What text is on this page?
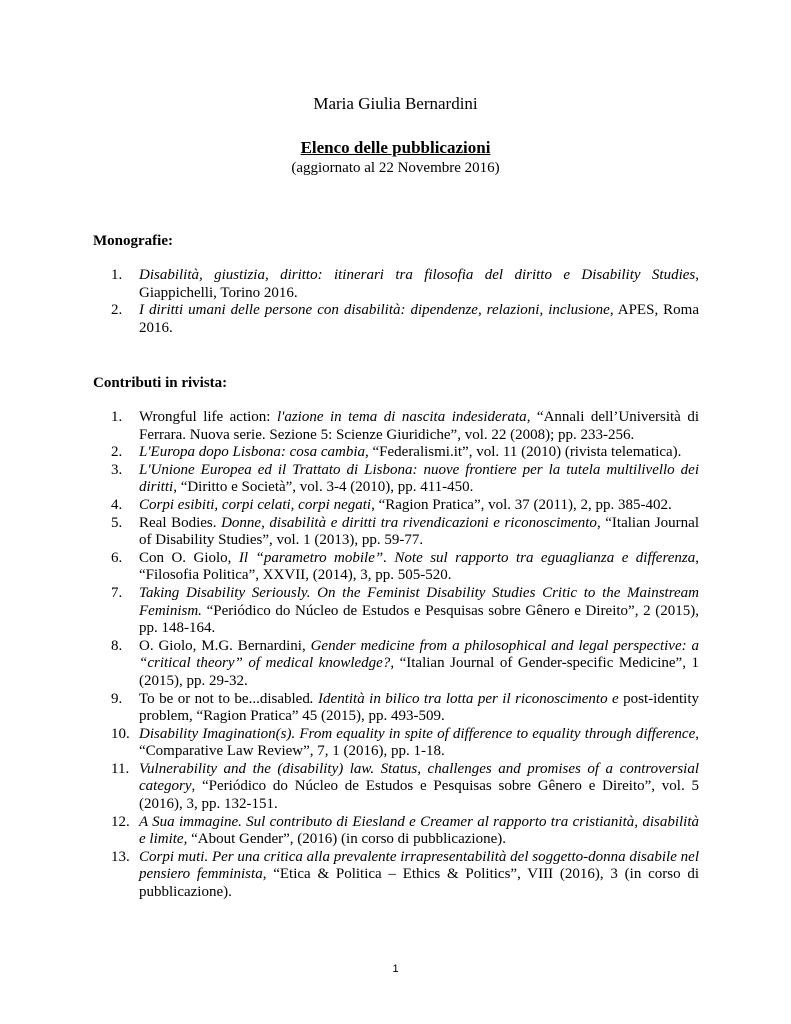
Maria Giulia Bernardini
Elenco delle pubblicazioni
(aggiornato al 22 Novembre 2016)
Monografie:
1.	Disabilità, giustizia, diritto: itinerari tra filosofia del diritto e Disability Studies, Giappichelli, Torino 2016.
2.	I diritti umani delle persone con disabilità: dipendenze, relazioni, inclusione, APES, Roma 2016.
Contributi in rivista:
1.	Wrongful life action: l'azione in tema di nascita indesiderata, “Annali dell’Università di Ferrara. Nuova serie. Sezione 5: Scienze Giuridiche”, vol. 22 (2008); pp. 233-256.
2.	L'Europa dopo Lisbona: cosa cambia, “Federalismi.it”, vol. 11 (2010) (rivista telematica).
3.	L'Unione Europea ed il Trattato di Lisbona: nuove frontiere per la tutela multilivello dei diritti, “Diritto e Società”, vol. 3-4 (2010), pp. 411-450.
4.	Corpi esibiti, corpi celati, corpi negati, “Ragion Pratica”, vol. 37 (2011), 2, pp. 385-402.
5.	Real Bodies. Donne, disabilità e diritti tra rivendicazioni e riconoscimento, “Italian Journal of Disability Studies”, vol. 1 (2013), pp. 59-77.
6.	Con O. Giolo, Il “parametro mobile”. Note sul rapporto tra eguaglianza e differenza, “Filosofia Politica”, XXVII, (2014), 3, pp. 505-520.
7.	Taking Disability Seriously. On the Feminist Disability Studies Critic to the Mainstream Feminism. “Periódico do Núcleo de Estudos e Pesquisas sobre Gênero e Direito”, 2 (2015), pp. 148-164.
8.	O. Giolo, M.G. Bernardini, Gender medicine from a philosophical and legal perspective: a “critical theory” of medical knowledge?, “Italian Journal of Gender-specific Medicine”, 1 (2015), pp. 29-32.
9.	To be or not to be...disabled. Identità in bilico tra lotta per il riconoscimento e post-identity problem, “Ragion Pratica” 45 (2015), pp. 493-509.
10. Disability Imagination(s). From equality in spite of difference to equality through difference, “Comparative Law Review”, 7, 1 (2016), pp. 1-18.
11. Vulnerability and the (disability) law. Status, challenges and promises of a controversial category, “Periódico do Núcleo de Estudos e Pesquisas sobre Gênero e Direito”, vol. 5 (2016), 3, pp. 132-151.
12. A Sua immagine. Sul contributo di Eiesland e Creamer al rapporto tra cristianità, disabilità e limite, “About Gender”, (2016) (in corso di pubblicazione).
13. Corpi muti. Per una critica alla prevalente irrapresentabilità del soggetto-donna disabile nel pensiero femminista, “Etica & Politica – Ethics & Politics”, VIII (2016), 3 (in corso di pubblicazione).
1
